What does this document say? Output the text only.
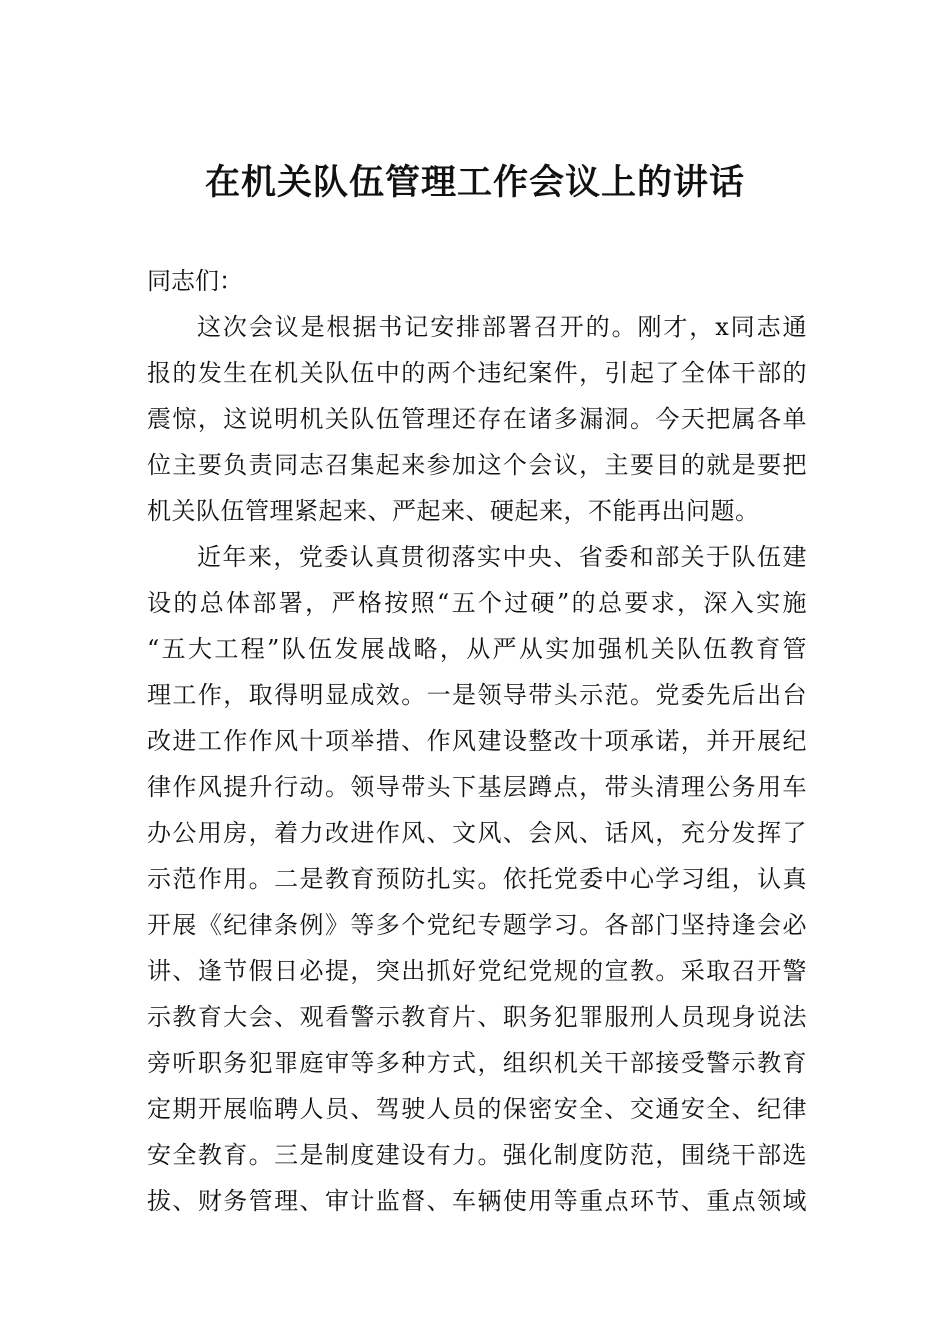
在机关队伍管理工作会议上的讲话

同志们：

这次会议是根据书记安排部署召开的。刚才，x同志通
报的发生在机关队伍中的两个违纪案件，引起了全体干部的
震惊，这说明机关队伍管理还存在诸多漏洞。今天把属各单
位主要负责同志召集起来参加这个会议，主要目的就是要把
机关队伍管理紧起来、严起来、硬起来，不能再出问题。

近年来，党委认真贯彻落实中央、省委和部关于队伍建
设的总体部署，严格按照“五个过硬”的总要求，深入实施
“五大工程”队伍发展战略，从严从实加强机关队伍教育管
理工作，取得明显成效。一是领导带头示范。党委先后出台
改进工作作风十项举措、作风建设整改十项承诺，并开展纪
律作风提升行动。领导带头下基层蹲点，带头清理公务用车
办公用房，着力改进作风、文风、会风、话风，充分发挥了
示范作用。二是教育预防扎实。依托党委中心学习组，认真
开展《纪律条例》等多个党纪专题学习。各部门坚持逢会必
讲、逢节假日必提，突出抓好党纪党规的宣教。采取召开警
示教育大会、观看警示教育片、职务犯罪服刑人员现身说法
旁听职务犯罪庭审等多种方式，组织机关干部接受警示教育
定期开展临聘人员、驾驶人员的保密安全、交通安全、纪律
安全教育。三是制度建设有力。强化制度防范，围绕干部选
拔、财务管理、审计监督、车辆使用等重点环节、重点领域
